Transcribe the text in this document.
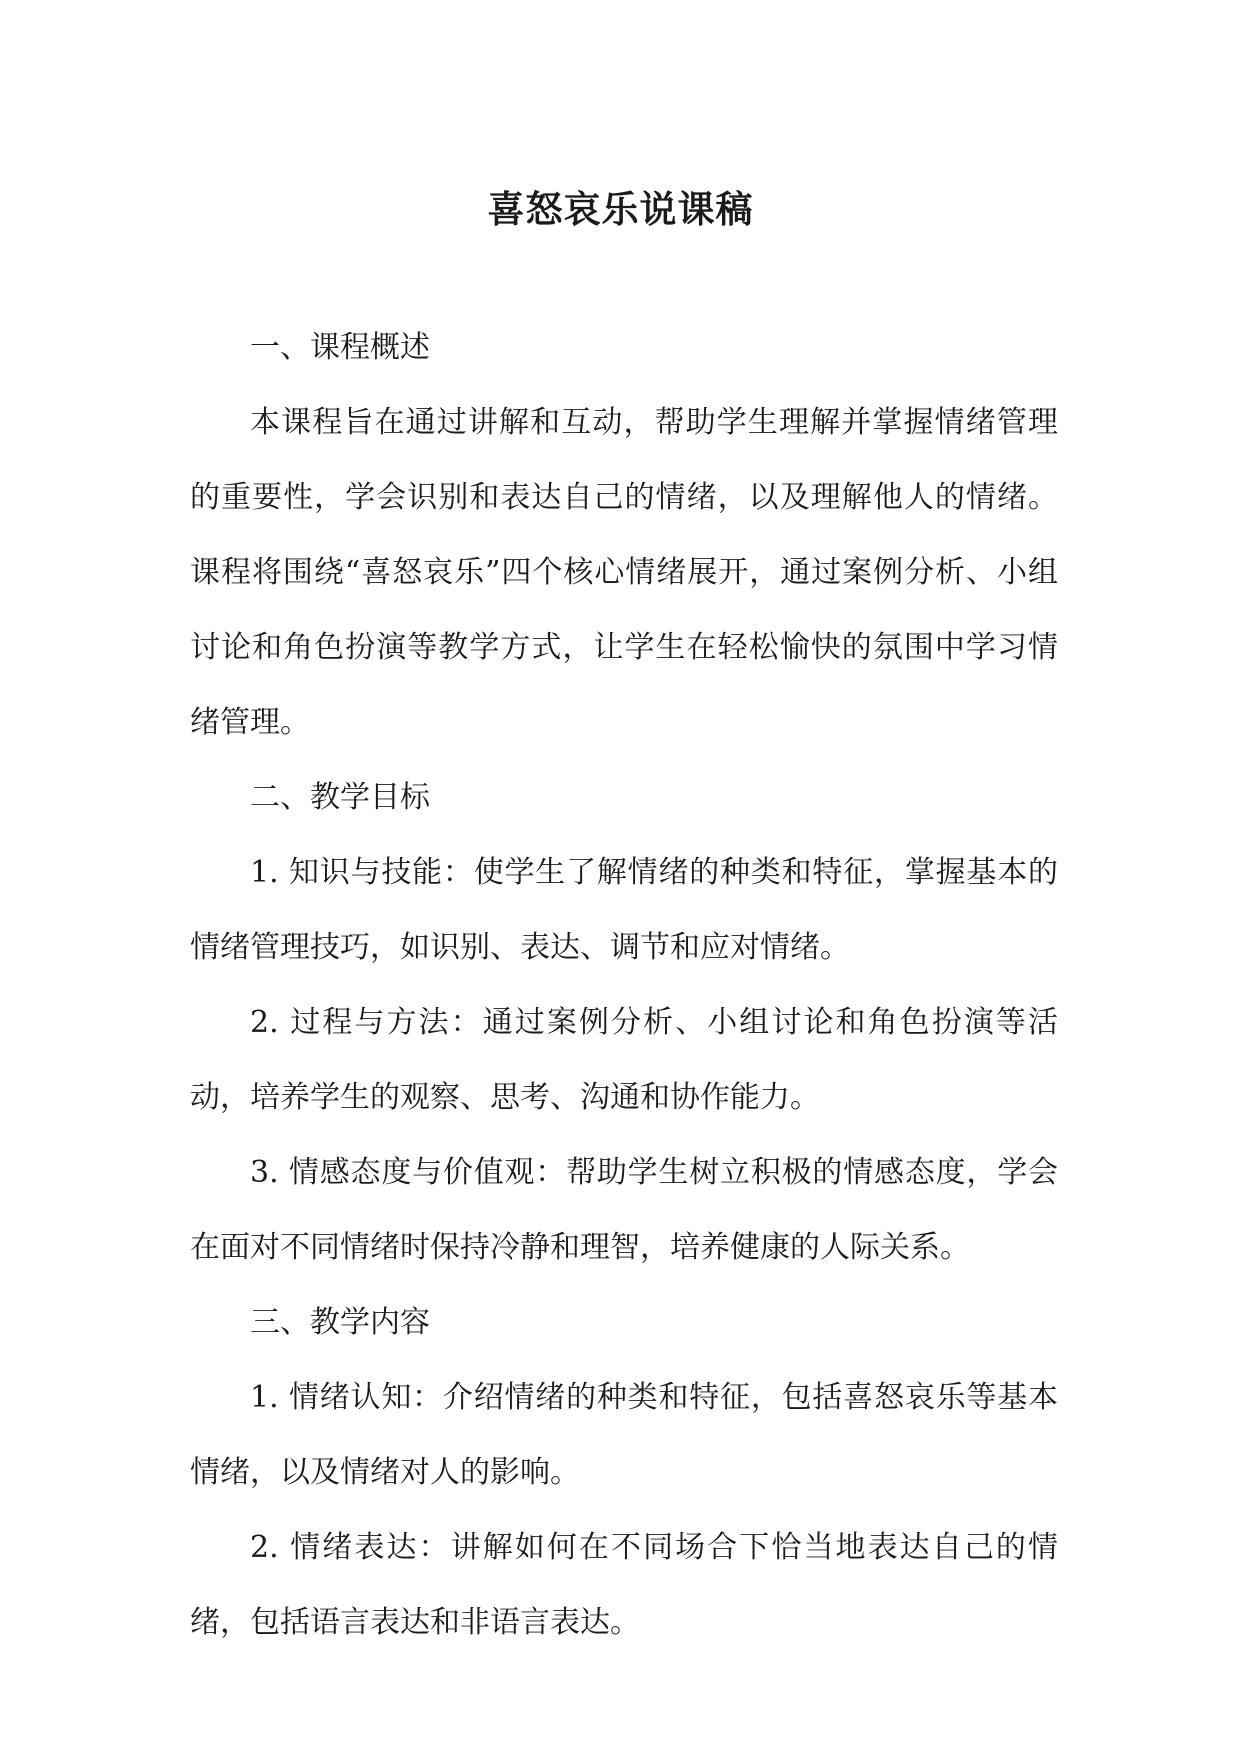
喜怒哀乐说课稿

一、课程概述

本课程旨在通过讲解和互动，帮助学生理解并掌握情绪管理的重要性，学会识别和表达自己的情绪，以及理解他人的情绪。课程将围绕“喜怒哀乐”四个核心情绪展开，通过案例分析、小组讨论和角色扮演等教学方式，让学生在轻松愉快的氛围中学习情绪管理。

二、教学目标

1. 知识与技能：使学生了解情绪的种类和特征，掌握基本的情绪管理技巧，如识别、表达、调节和应对情绪。

2. 过程与方法：通过案例分析、小组讨论和角色扮演等活动，培养学生的观察、思考、沟通和协作能力。

3. 情感态度与价值观：帮助学生树立积极的情感态度，学会在面对不同情绪时保持冷静和理智，培养健康的人际关系。

三、教学内容

1. 情绪认知：介绍情绪的种类和特征，包括喜怒哀乐等基本情绪，以及情绪对人的影响。

2. 情绪表达：讲解如何在不同场合下恰当地表达自己的情绪，包括语言表达和非语言表达。
